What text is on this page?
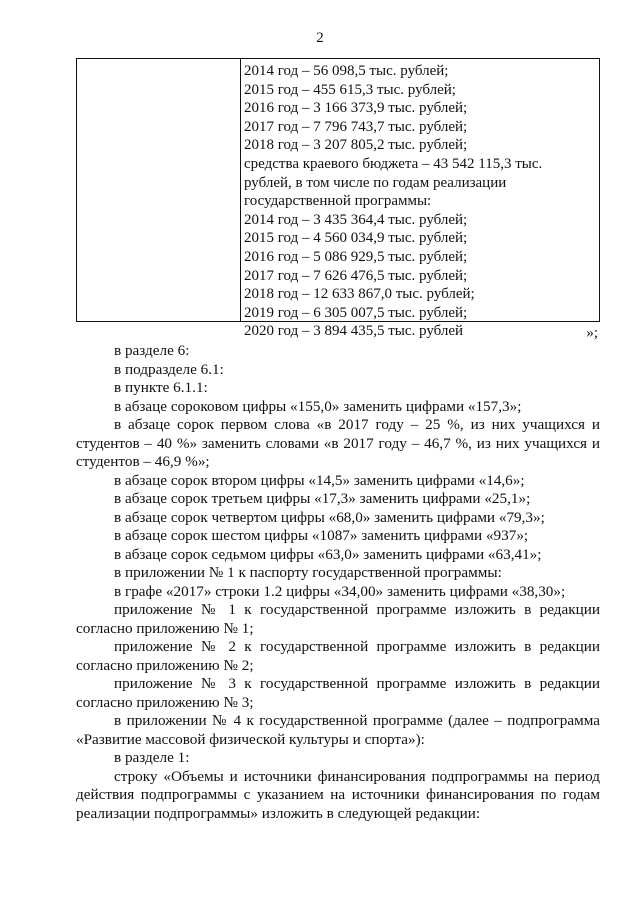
2
2014 год – 56 098,5 тыс. рублей;
2015 год – 455 615,3 тыс. рублей;
2016 год – 3 166 373,9 тыс. рублей;
2017 год – 7 796 743,7 тыс. рублей;
2018 год – 3 207 805,2 тыс. рублей;
средства краевого бюджета – 43 542 115,3 тыс.
рублей, в том числе по годам реализации
государственной программы:
2014 год – 3 435 364,4 тыс. рублей;
2015 год – 4 560 034,9 тыс. рублей;
2016 год – 5 086 929,5 тыс. рублей;
2017 год – 7 626 476,5 тыс. рублей;
2018 год – 12 633 867,0 тыс. рублей;
2019 год – 6 305 007,5 тыс. рублей;
2020 год – 3 894 435,5 тыс. рублей	»;

в разделе 6:

в подразделе 6.1:

в пункте 6.1.1:

в абзаце сороковом цифры «155,0» заменить цифрами «157,3»;

в абзаце сорок первом слова «в 2017 году – 25 %, из них учащихся и студентов – 40 %» заменить словами «в 2017 году – 46,7 %, из них учащихся и студентов – 46,9 %»;

в абзаце сорок втором цифры «14,5» заменить цифрами «14,6»;

в абзаце сорок третьем цифры «17,3» заменить цифрами «25,1»;

в абзаце сорок четвертом цифры «68,0» заменить цифрами «79,3»;

в абзаце сорок шестом цифры «1087» заменить цифрами «937»;

в абзаце сорок седьмом цифры «63,0» заменить цифрами «63,41»;

в приложении № 1 к паспорту государственной программы:

в графе «2017» строки 1.2 цифры «34,00» заменить цифрами «38,30»;

приложение № 1 к государственной программе изложить в редакции согласно приложению № 1;

приложение № 2 к государственной программе изложить в редакции согласно приложению № 2;

приложение № 3 к государственной программе изложить в редакции согласно приложению № 3;

в приложении № 4 к государственной программе (далее – подпрограмма «Развитие массовой физической культуры и спорта»):

в разделе 1:

строку «Объемы и источники финансирования подпрограммы на период действия подпрограммы с указанием на источники финансирования по годам реализации подпрограммы» изложить в следующей редакции:
